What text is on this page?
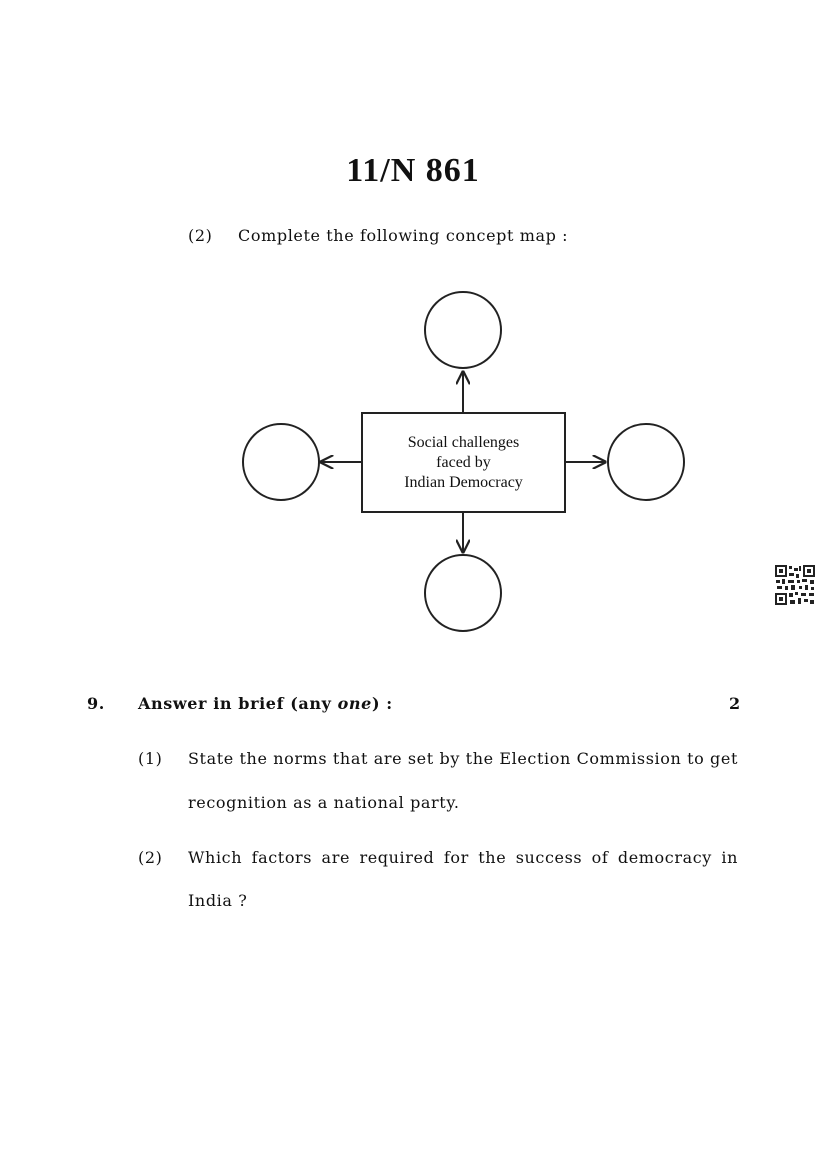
11/N 861
(2) Complete the following concept map :
Social challenges
faced by
Indian Democracy
9. Answer in brief (any one) :	2
(1) State the norms that are set by the Election Commission to get
recognition as a national party.
(2) Which factors are required for the success of democracy in
India ?
